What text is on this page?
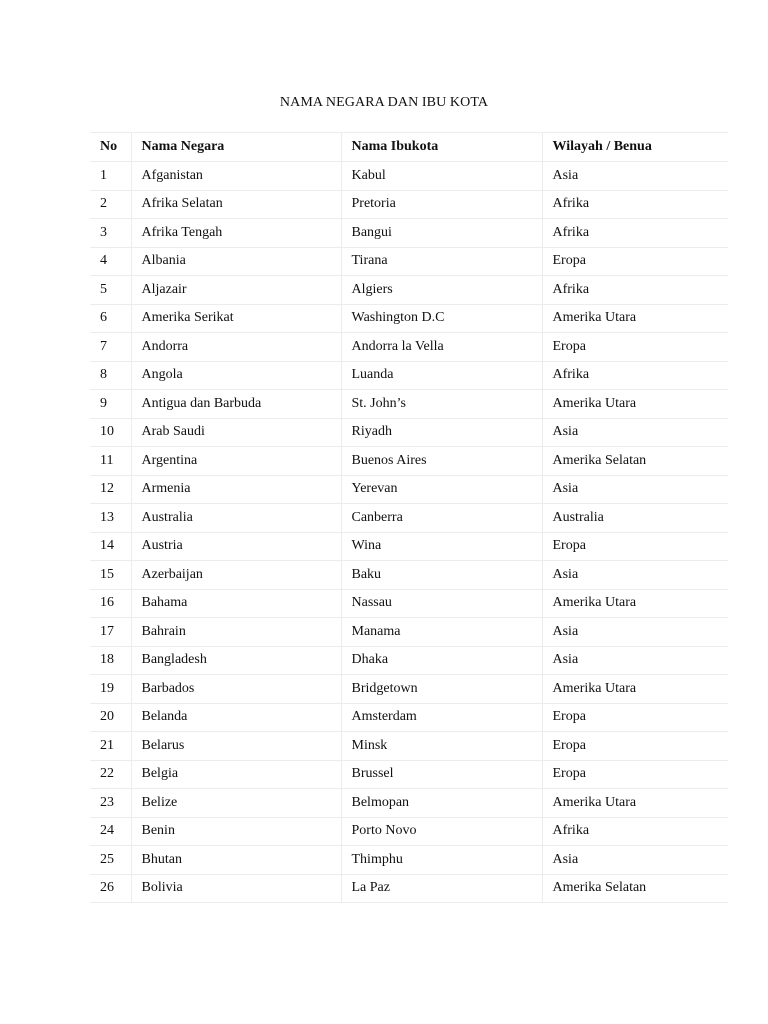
NAMA NEGARA DAN IBU KOTA
No	Nama Negara	Nama Ibukota	Wilayah / Benua
1	Afganistan	Kabul	Asia
2	Afrika Selatan	Pretoria	Afrika
3	Afrika Tengah	Bangui	Afrika
4	Albania	Tirana	Eropa
5	Aljazair	Algiers	Afrika
6	Amerika Serikat	Washington D.C	Amerika Utara
7	Andorra	Andorra la Vella	Eropa
8	Angola	Luanda	Afrika
9	Antigua dan Barbuda	St. John’s	Amerika Utara
10	Arab Saudi	Riyadh	Asia
11	Argentina	Buenos Aires	Amerika Selatan
12	Armenia	Yerevan	Asia
13	Australia	Canberra	Australia
14	Austria	Wina	Eropa
15	Azerbaijan	Baku	Asia
16	Bahama	Nassau	Amerika Utara
17	Bahrain	Manama	Asia
18	Bangladesh	Dhaka	Asia
19	Barbados	Bridgetown	Amerika Utara
20	Belanda	Amsterdam	Eropa
21	Belarus	Minsk	Eropa
22	Belgia	Brussel	Eropa
23	Belize	Belmopan	Amerika Utara
24	Benin	Porto Novo	Afrika
25	Bhutan	Thimphu	Asia
26	Bolivia	La Paz	Amerika Selatan
